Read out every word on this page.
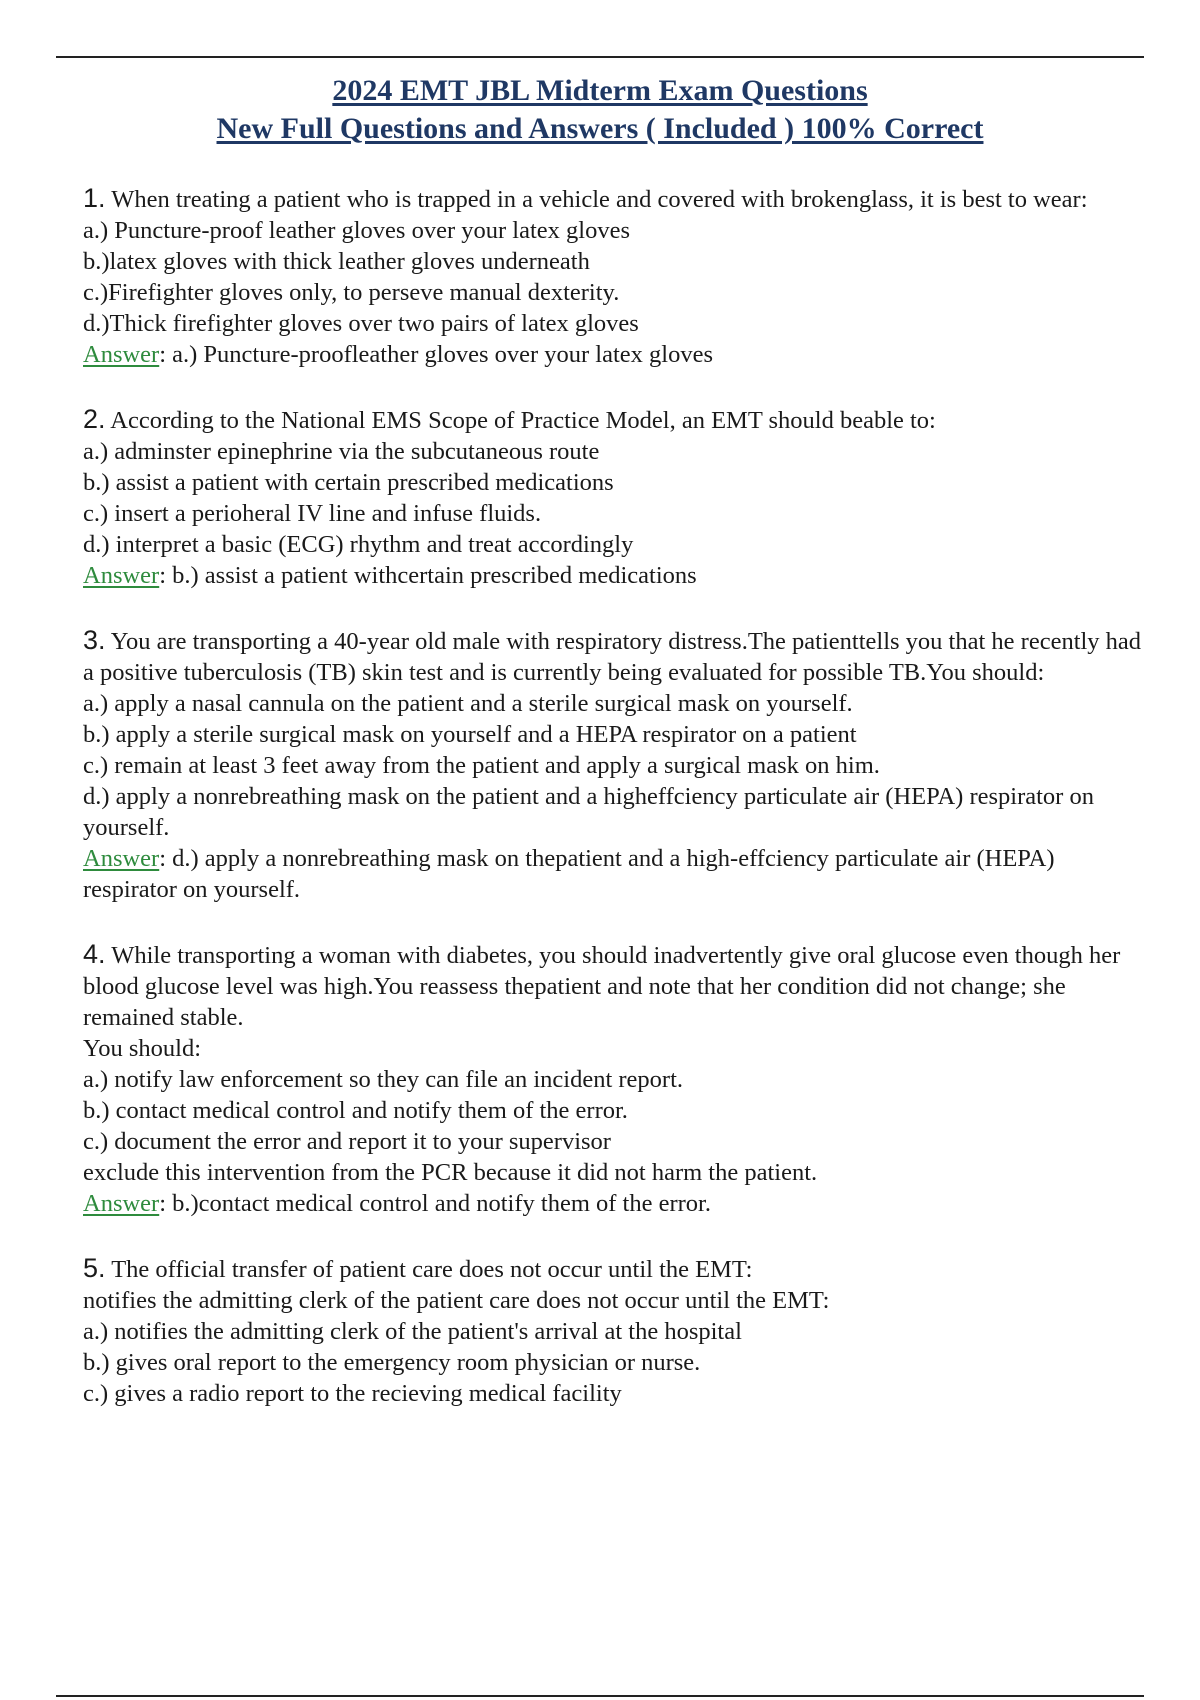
2024 EMT JBL Midterm Exam Questions
New Full Questions and Answers ( Included ) 100% Correct

1. When treating a patient who is trapped in a vehicle and covered with brokenglass, it is best to wear:

a.) Puncture-proof leather gloves over your latex gloves

b.)latex gloves with thick leather gloves underneath

c.)Firefighter gloves only, to perseve manual dexterity.

d.)Thick firefighter gloves over two pairs of latex gloves

Answer: a.) Puncture-proofleather gloves over your latex gloves

2. According to the National EMS Scope of Practice Model, an EMT should beable to:

a.) adminster epinephrine via the subcutaneous route

b.) assist a patient with certain prescribed medications

c.) insert a perioheral IV line and infuse fluids.

d.) interpret a basic (ECG) rhythm and treat accordingly

Answer: b.) assist a patient withcertain prescribed medications

3. You are transporting a 40-year old male with respiratory distress.The patienttells you that he recently had a positive tuberculosis (TB) skin test and is currently being evaluated for possible TB.You should:

a.) apply a nasal cannula on the patient and a sterile surgical mask on yourself.

b.) apply a sterile surgical mask on yourself and a HEPA respirator on a patient

c.) remain at least 3 feet away from the patient and apply a surgical mask on him.

d.) apply a nonrebreathing mask on the patient and a higheffciency particulate air (HEPA) respirator on yourself.

Answer: d.) apply a nonrebreathing mask on thepatient and a high-effciency particulate air (HEPA) respirator on yourself.

4. While transporting a woman with diabetes, you should inadvertently give oral glucose even though her blood glucose level was high.You reassess thepatient and note that her condition did not change; she remained stable.

You should:

a.) notify law enforcement so they can file an incident report.

b.) contact medical control and notify them of the error.

c.) document the error and report it to your supervisor

exclude this intervention from the PCR because it did not harm the patient.

Answer: b.)contact medical control and notify them of the error.

5. The official transfer of patient care does not occur until the EMT:

notifies the admitting clerk of the patient care does not occur until the EMT:

a.) notifies the admitting clerk of the patient's arrival at the hospital

b.) gives oral report to the emergency room physician or nurse.

c.) gives a radio report to the recieving medical facility
